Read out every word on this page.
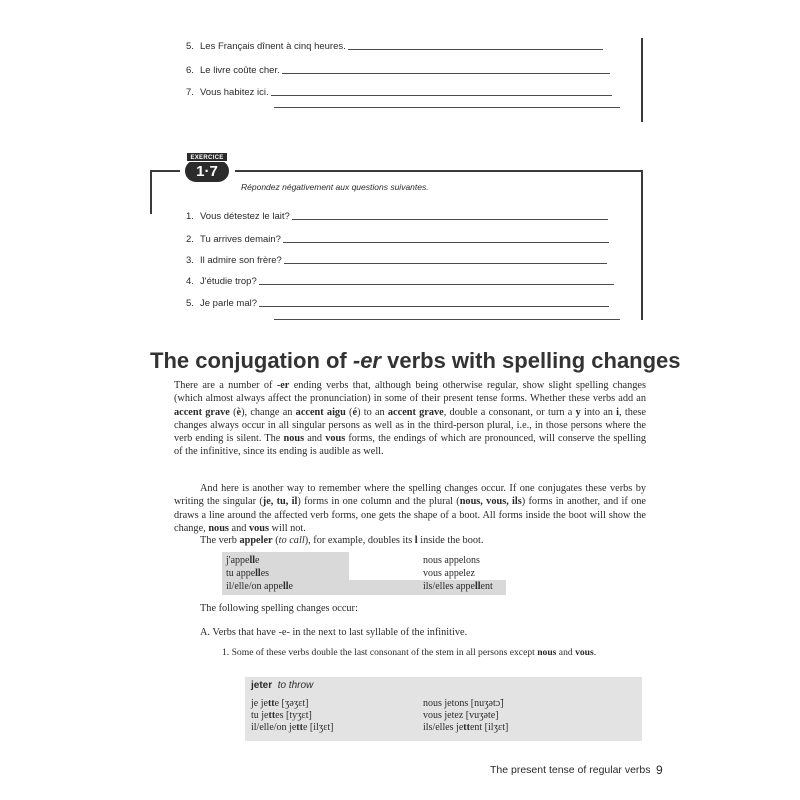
5. Les Français dînent à cinq heures.
6. Le livre coûte cher.
7. Vous habitez ici.
EXERCICE
1·7
Répondez négativement aux questions suivantes.
1. Vous détestez le lait?
2. Tu arrives demain?
3. Il admire son frère?
4. J'étudie trop?
5. Je parle mal?
The conjugation of -er verbs with spelling changes
There are a number of -er ending verbs that, although being otherwise regular, show slight spelling changes (which almost always affect the pronunciation) in some of their present tense forms. Whether these verbs add an accent grave (è), change an accent aigu (é) to an accent grave, double a consonant, or turn a y into an i, these changes always occur in all singular persons as well as in the third-person plural, i.e., in those persons where the verb ending is silent. The nous and vous forms, the endings of which are pronounced, will conserve the spelling of the infinitive, since its ending is audible as well.
And here is another way to remember where the spelling changes occur. If one conjugates these verbs by writing the singular (je, tu, il) forms in one column and the plural (nous, vous, ils) forms in another, and if one draws a line around the affected verb forms, one gets the shape of a boot. All forms inside the boot will show the change, nous and vous will not.
The verb appeler (to call), for example, doubles its l inside the boot.
j'appelle
tu appelles
il/elle/on appelle
nous appelons
vous appelez
ils/elles appellent
The following spelling changes occur:
A. Verbs that have -e- in the next to last syllable of the infinitive.
1. Some of these verbs double the last consonant of the stem in all persons except nous and vous.
jeter to throw
je jette [ʒəʒɛt]
tu jettes [tyʒɛt]
il/elle/on jette [ilʒɛt]
nous jetons [nuʒətɔ̃]
vous jetez [vuʒəte]
ils/elles jettent [ilʒɛt]
The present tense of regular verbs 9
